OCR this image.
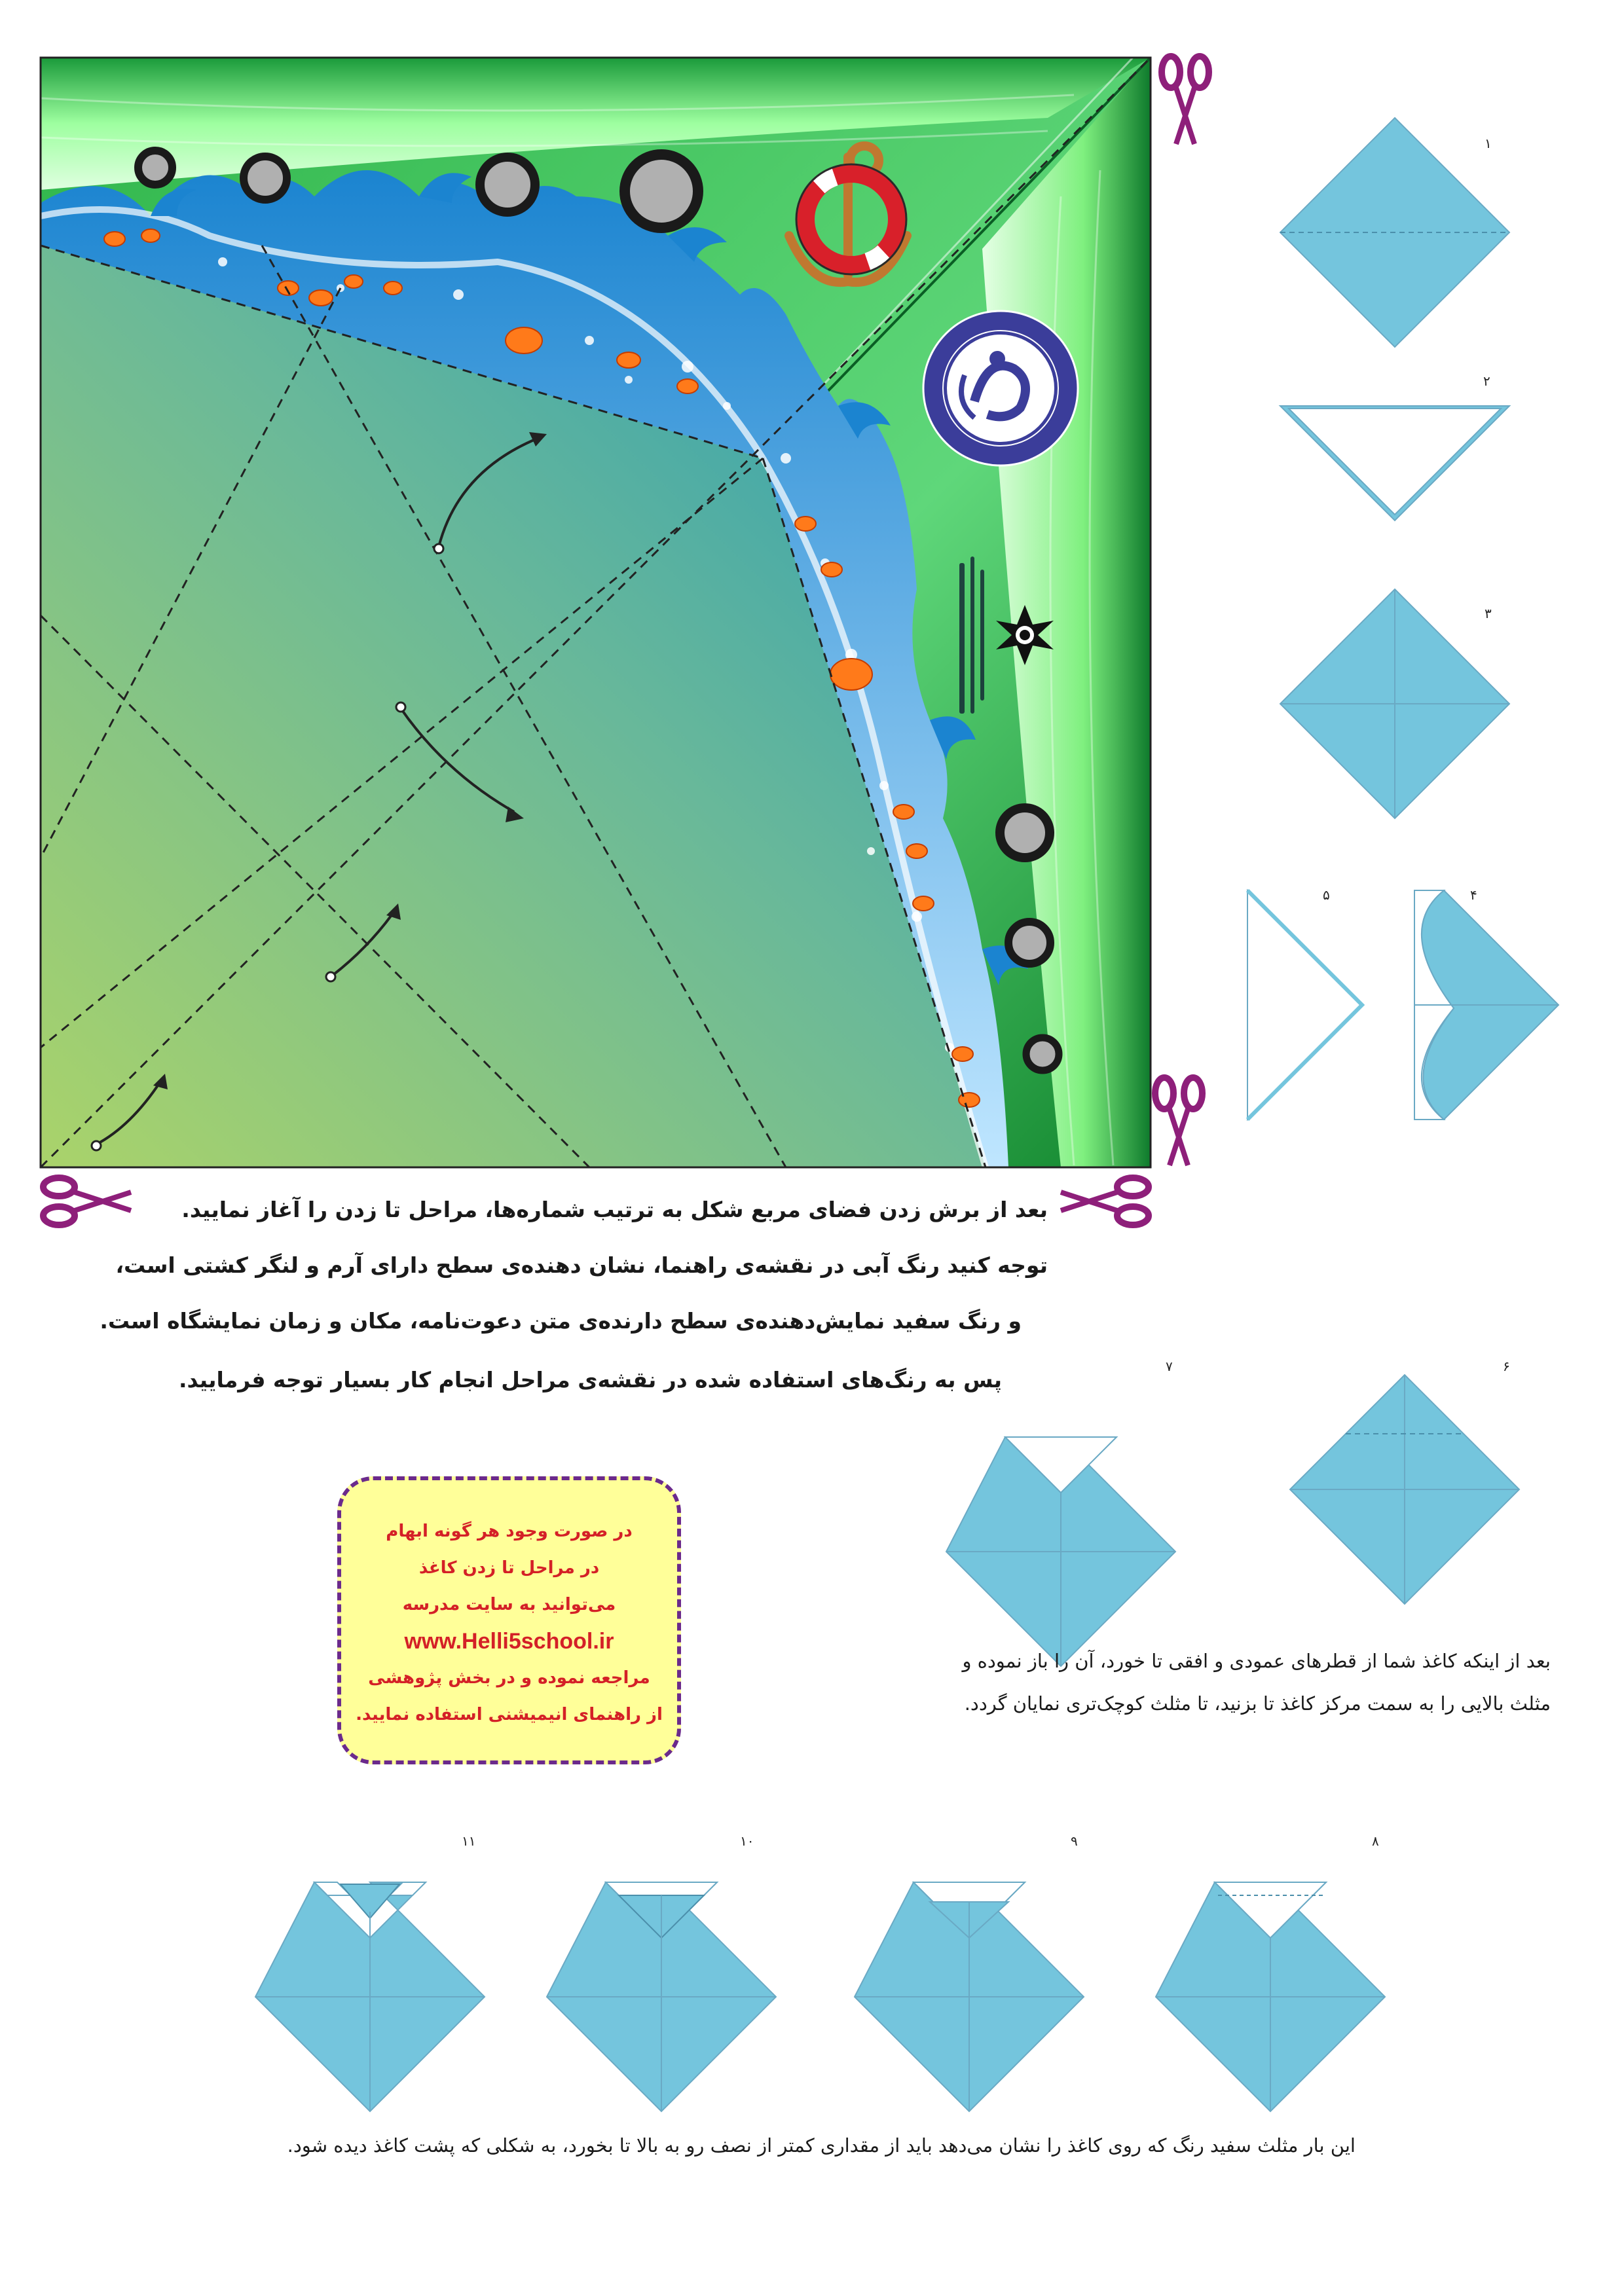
۱
۲
۳
۴
۵
۶
۷
۸
۹
۱۰
۱۱
بعد از برش زدن فضای مربع شکل به ترتیب شماره‌ها، مراحل تا زدن را آغاز نمایید.
توجه کنید رنگ آبی در نقشه‌ی راهنما، نشان دهنده‌ی سطح دارای آرم و لنگر کشتی است،
و رنگ سفید نمایش‌دهنده‌ی سطح دارنده‌ی متن دعوت‌نامه، مکان و زمان نمایشگاه است.
پس به رنگ‌های استفاده شده در نقشه‌ی مراحل انجام کار بسیار توجه فرمایید.
در صورت وجود هر گونه ابهام
در مراحل تا زدن کاغذ
می‌توانید به سایت مدرسه
www.Helli5school.ir
مراجعه نموده و در بخش پژوهشی
از راهنمای انیمیشنی استفاده نمایید.
بعد از اینکه کاغذ شما از قطرهای عمودی و افقی تا خورد، آن را باز نموده و
مثلث بالایی را به سمت مرکز کاغذ تا بزنید، تا مثلث کوچک‌تری نمایان گردد.
این بار مثلث سفید رنگ که روی کاغذ را نشان می‌دهد باید از مقداری کمتر از نصف رو به بالا تا بخورد، به شکلی که پشت کاغذ دیده شود.
